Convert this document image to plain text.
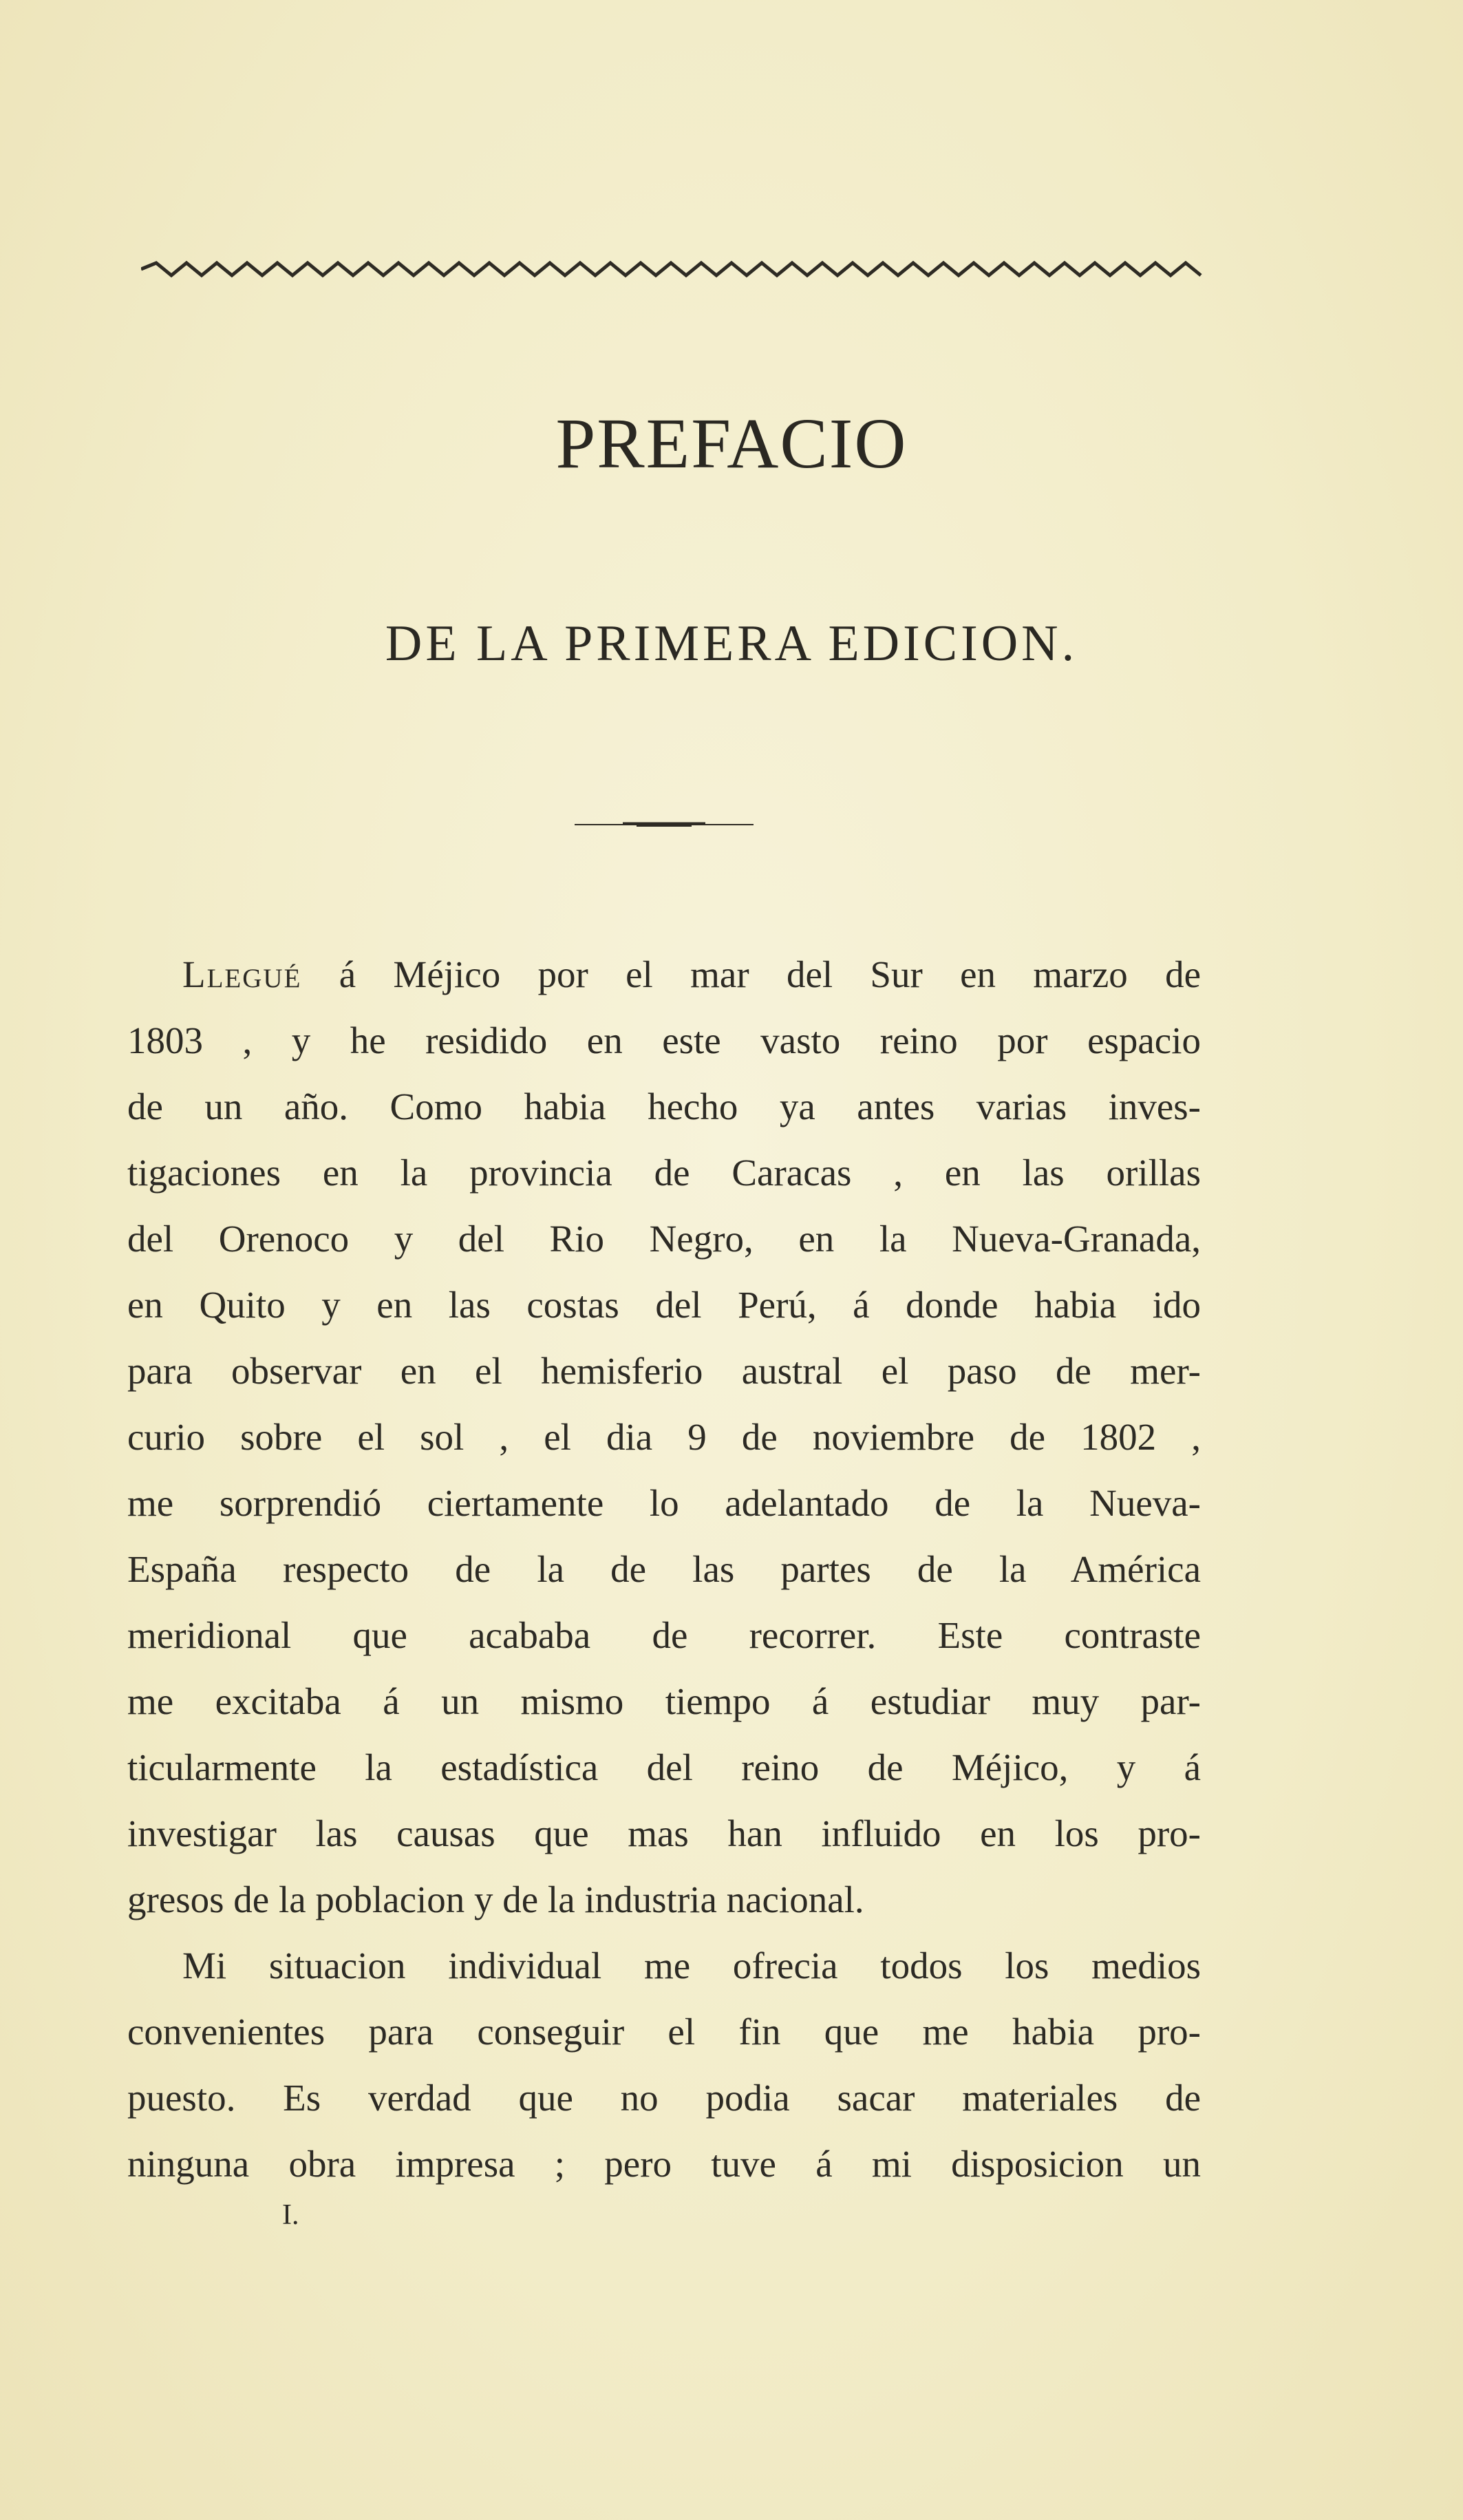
PREFACIO
DE LA PRIMERA EDICION.
Llegué á Méjico por el mar del Sur en marzo de
1803 , y he residido en este vasto reino por espacio
de un año. Como habia hecho ya antes varias inves-
tigaciones en la provincia de Caracas , en las orillas
del Orenoco y del Rio Negro, en la Nueva-Granada,
en Quito y en las costas del Perú, á donde habia ido
para observar en el hemisferio austral el paso de mer-
curio sobre el sol , el dia 9 de noviembre de 1802 ,
me sorprendió ciertamente lo adelantado de la Nueva-
España respecto de la de las partes de la América
meridional que acababa de recorrer. Este contraste
me excitaba á un mismo tiempo á estudiar muy par-
ticularmente la estadística del reino de Méjico, y á
investigar las causas que mas han influido en los pro-
gresos de la poblacion y de la industria nacional.
Mi situacion individual me ofrecia todos los medios
convenientes para conseguir el fin que me habia pro-
puesto. Es verdad que no podia sacar materiales de
ninguna obra impresa ; pero tuve á mi disposicion un
I.
